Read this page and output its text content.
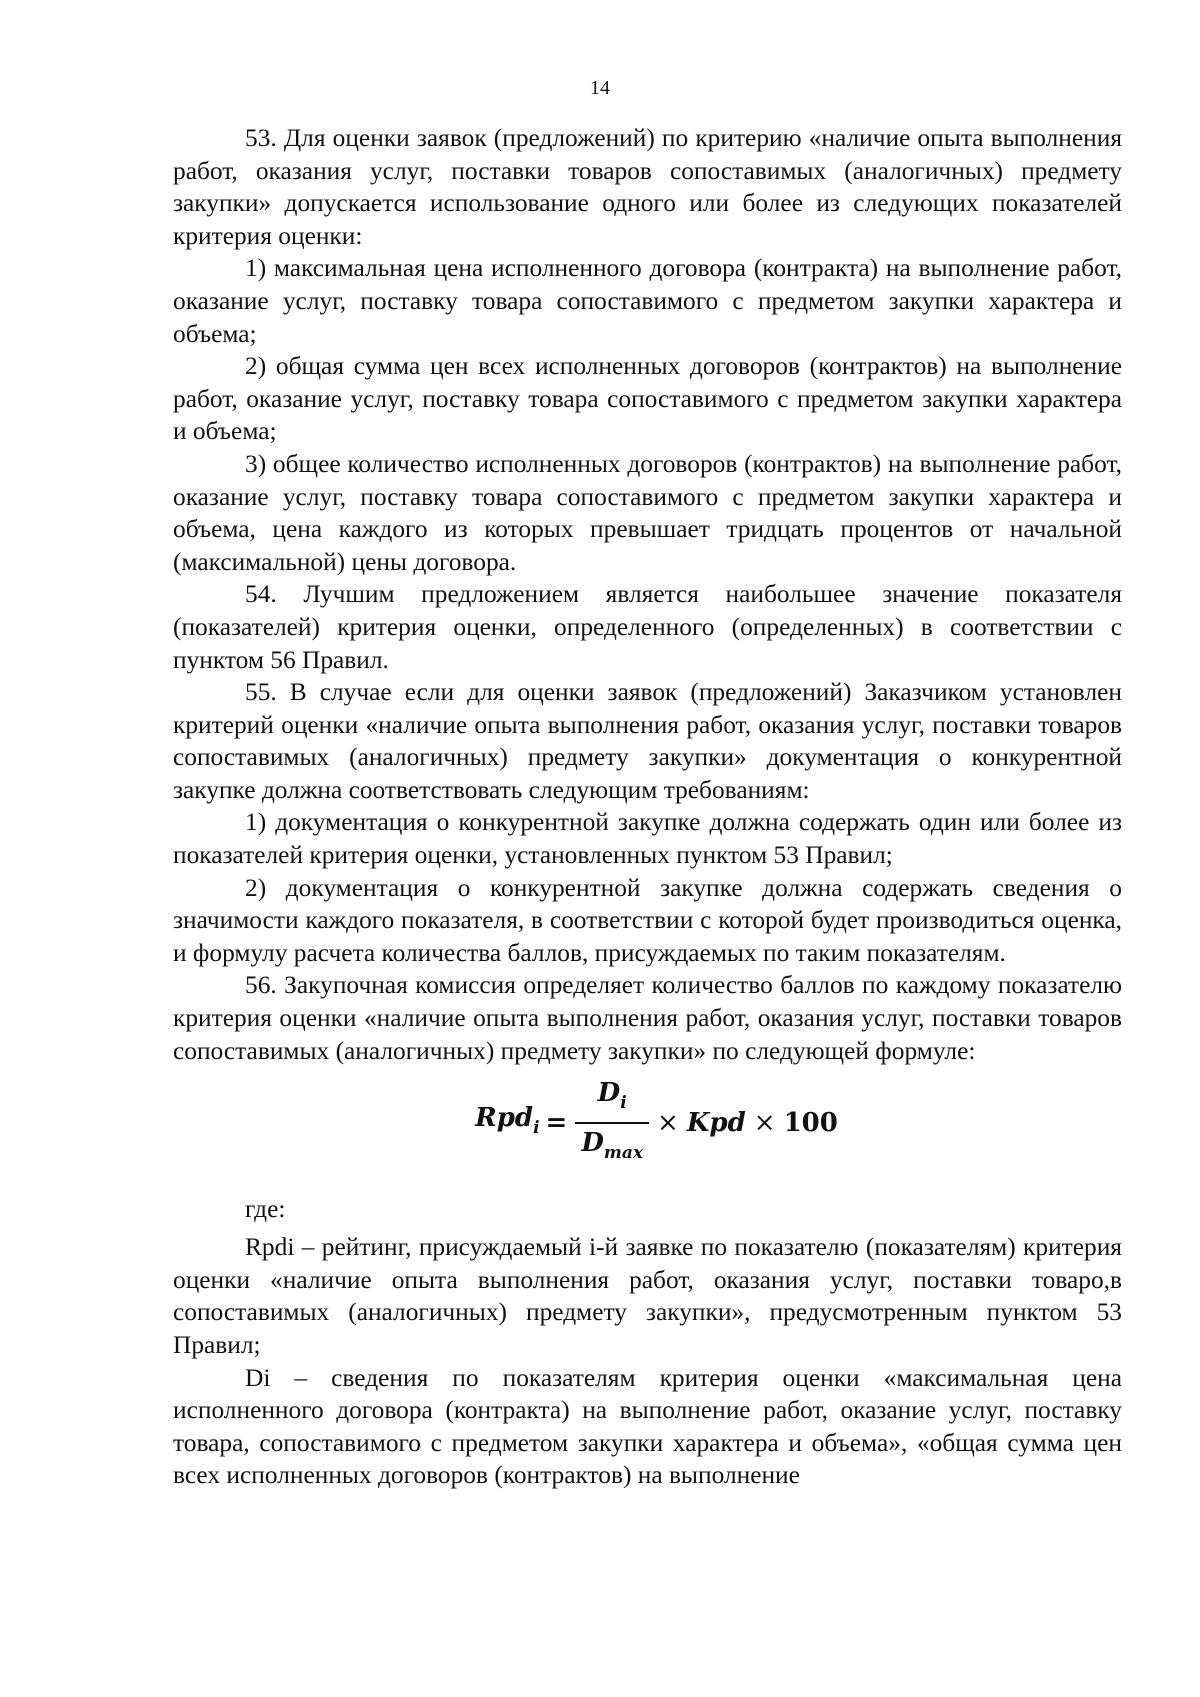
14

53. Для оценки заявок (предложений) по критерию «наличие опыта выполнения работ, оказания услуг, поставки товаров сопоставимых (аналогичных) предмету закупки» допускается использование одного или более из следующих показателей критерия оценки:

1) максимальная цена исполненного договора (контракта) на выполнение работ, оказание услуг, поставку товара сопоставимого с предметом закупки характера и объема;

2) общая сумма цен всех исполненных договоров (контрактов) на выполнение работ, оказание услуг, поставку товара сопоставимого с предметом закупки характера и объема;

3) общее количество исполненных договоров (контрактов) на выполнение работ, оказание услуг, поставку товара сопоставимого с предметом закупки характера и объема, цена каждого из которых превышает тридцать процентов от начальной (максимальной) цены договора.

54. Лучшим предложением является наибольшее значение показателя (показателей) критерия оценки, определенного (определенных) в соответствии с пунктом 56 Правил.

55. В случае если для оценки заявок (предложений) Заказчиком установлен критерий оценки «наличие опыта выполнения работ, оказания услуг, поставки товаров сопоставимых (аналогичных) предмету закупки» документация о конкурентной закупке должна соответствовать следующим требованиям:

1) документация о конкурентной закупке должна содержать один или более из показателей критерия оценки, установленных пунктом 53 Правил;

2) документация о конкурентной закупке должна содержать сведения о значимости каждого показателя, в соответствии с которой будет производиться оценка, и формулу расчета количества баллов, присуждаемых по таким показателям.

56. Закупочная комиссия определяет количество баллов по каждому показателю критерия оценки «наличие опыта выполнения работ, оказания услуг, поставки товаров сопоставимых (аналогичных) предмету закупки» по следующей формуле:

$Rpd_i = \frac{D_i}{D_{max}}$ × Kpd × 100
где:

Rpdi – рейтинг, присуждаемый i-й заявке по показателю (показателям) критерия оценки «наличие опыта выполнения работ, оказания услуг, поставки товаро,в сопоставимых (аналогичных) предмету закупки», предусмотренным пунктом 53 Правил;

Di – сведения по показателям критерия оценки «максимальная цена исполненного договора (контракта) на выполнение работ, оказание услуг, поставку товара, сопоставимого с предметом закупки характера и объема», «общая сумма цен всех исполненных договоров (контрактов) на выполнение
